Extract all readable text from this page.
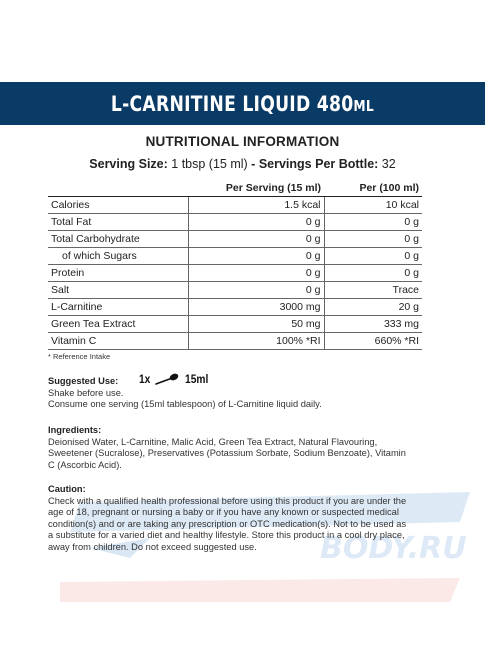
L-CARNITINE LIQUID 480ML
NUTRITIONAL INFORMATION
Serving Size: 1 tbsp (15 ml) - Servings Per Bottle: 32
	Per Serving (15 ml)	Per (100 ml)
Calories	1.5 kcal	10 kcal
Total Fat	0 g	0 g
Total Carbohydrate	0 g	0 g
of which Sugars	0 g	0 g
Protein	0 g	0 g
Salt	0 g	Trace
L-Carnitine	3000 mg	20 g
Green Tea Extract	50 mg	333 mg
Vitamin C	100% *RI	660% *RI
* Reference Intake
Suggested Use:
Shake before use.
Consume one serving (15ml tablespoon) of L-Carnitine liquid daily.
1x	15ml
Ingredients:
Deionised Water, L-Carnitine, Malic Acid, Green Tea Extract, Natural Flavouring,
Sweetener (Sucralose), Preservatives (Potassium Sorbate, Sodium Benzoate), Vitamin
C (Ascorbic Acid).
BODY.RU
Caution:
Check with a qualified health professional before using this product if you are under the
age of 18, pregnant or nursing a baby or if you have any known or suspected medical
condition(s) and or are taking any prescription or OTC medication(s). Not to be used as
a substitute for a varied diet and healthy lifestyle. Store this product in a cool dry place,
away from children. Do not exceed suggested use.
